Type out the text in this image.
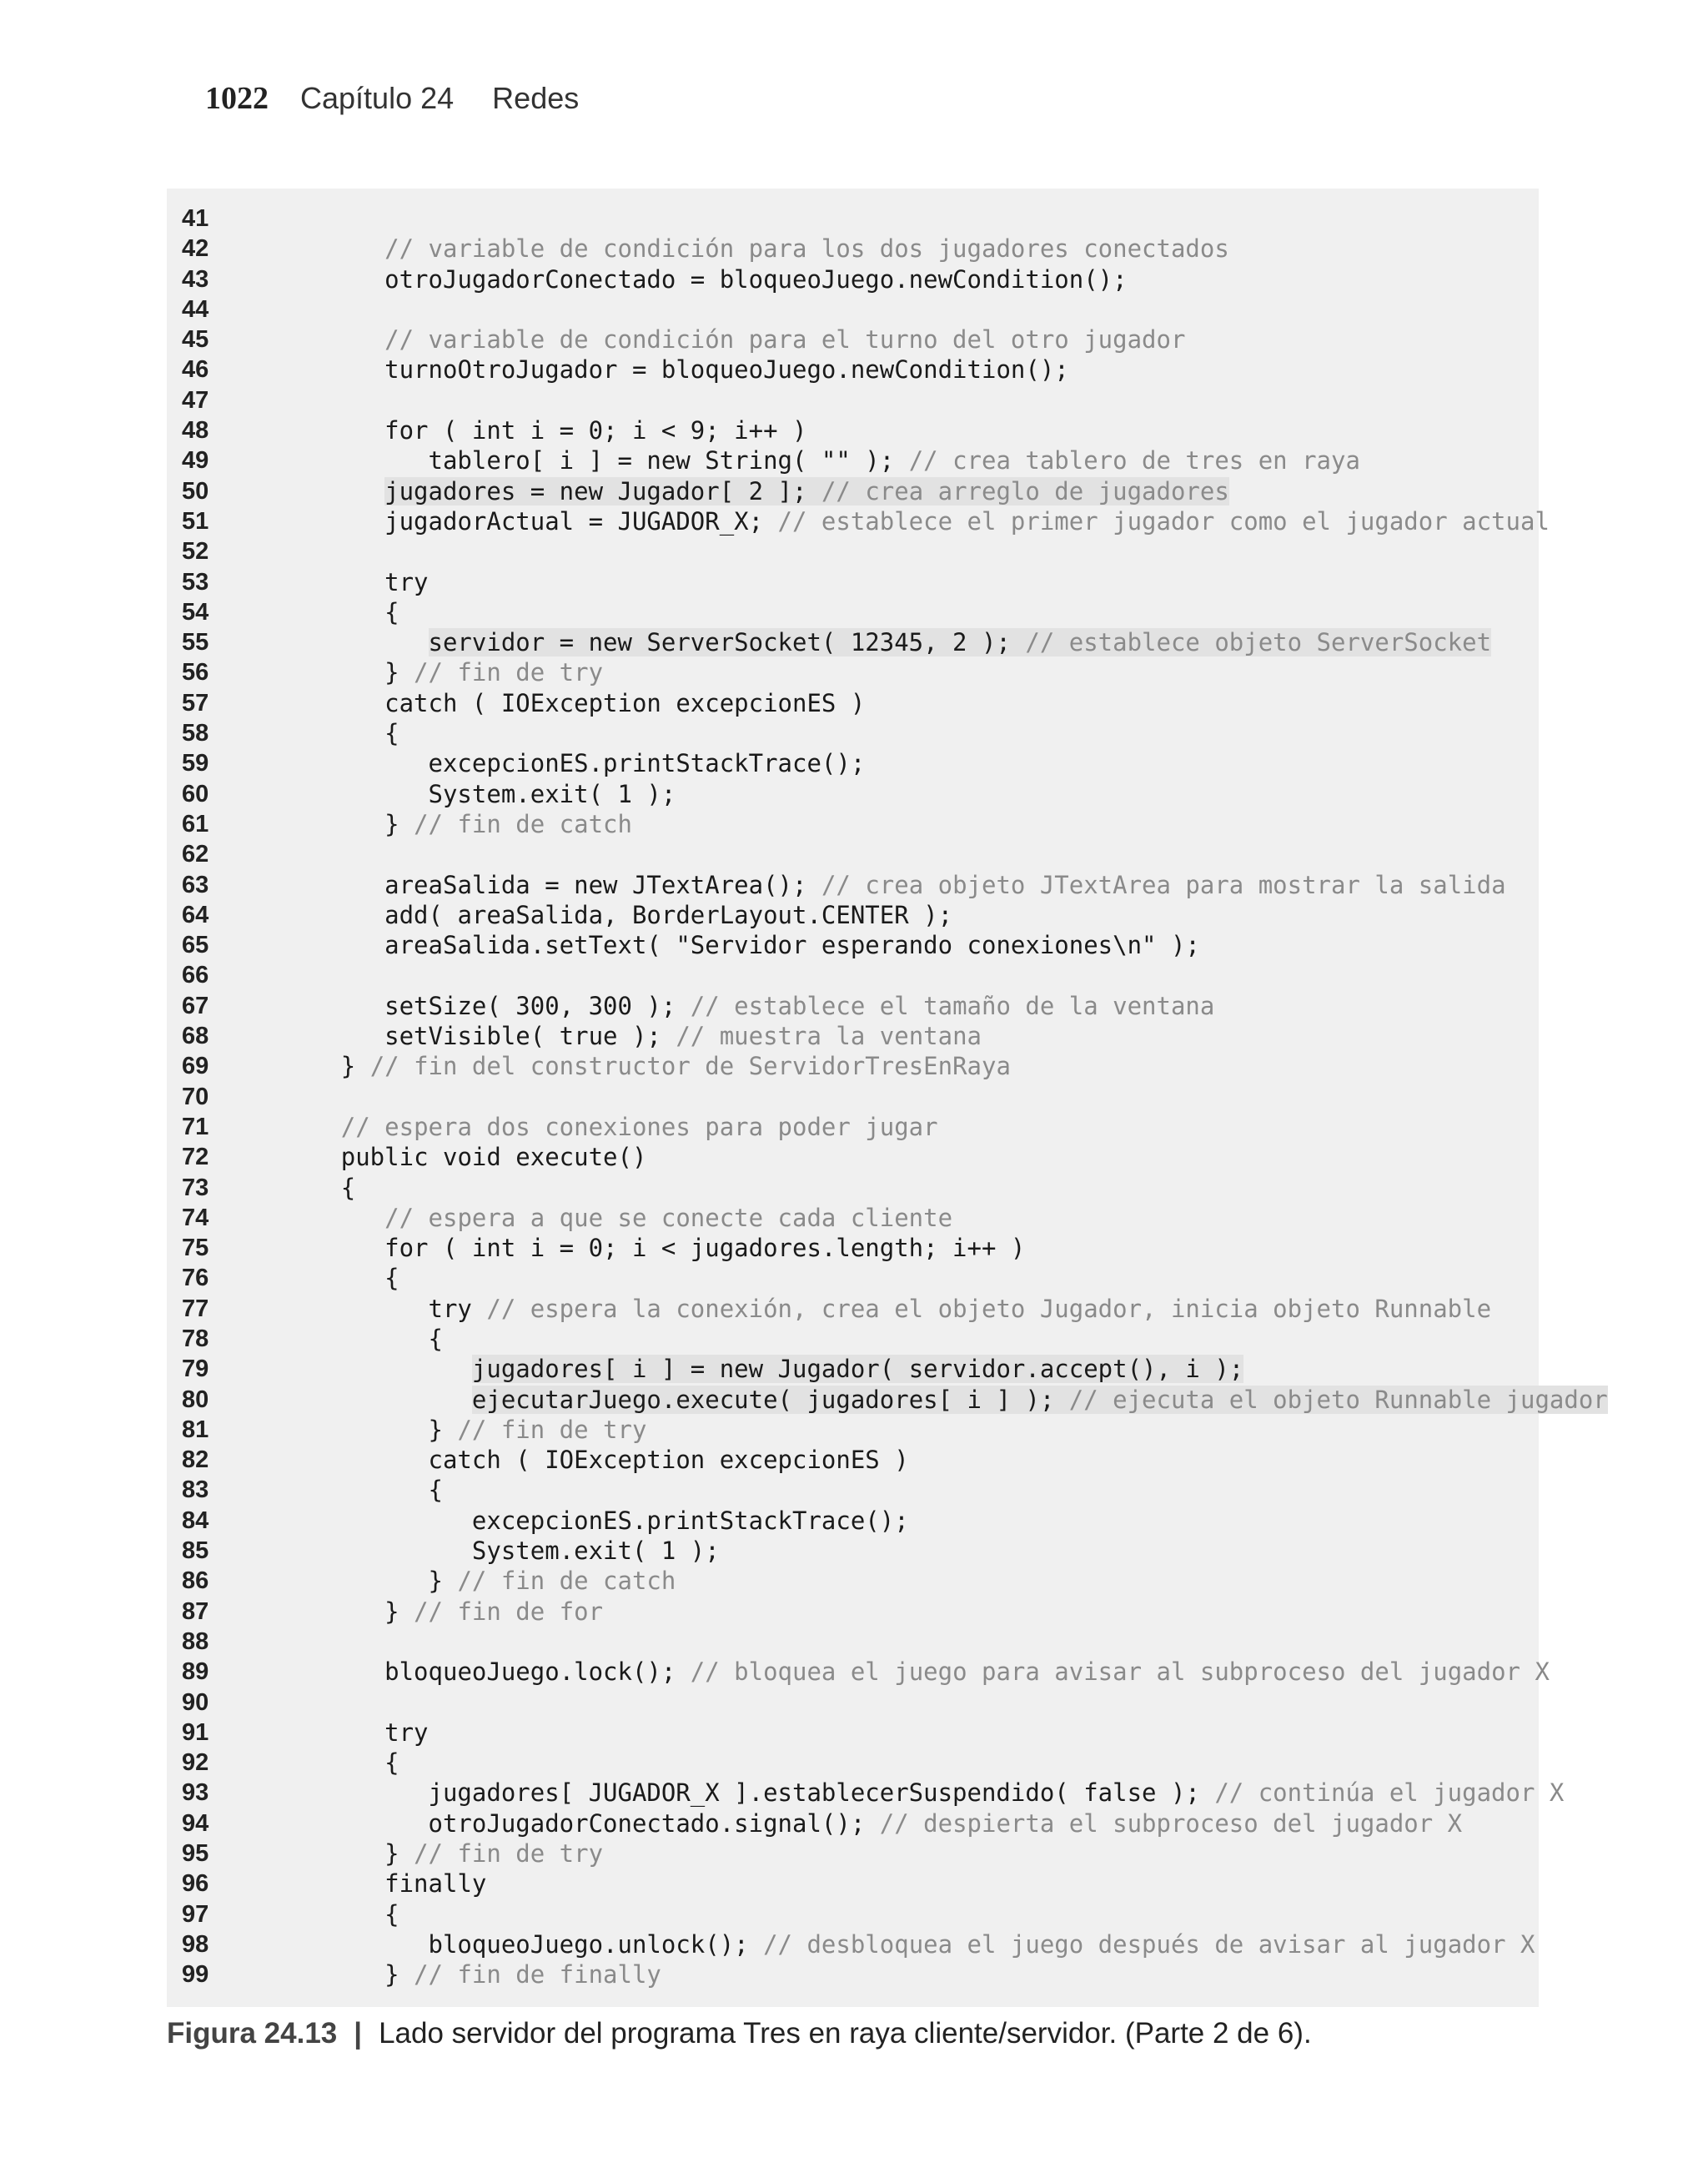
1022 Capítulo 24 Redes
41
42	// variable de condición para los dos jugadores conectados
43	otroJugadorConectado = bloqueoJuego.newCondition();
44
45	// variable de condición para el turno del otro jugador
46	turnoOtroJugador = bloqueoJuego.newCondition();
47
48	for ( int i = 0; i < 9; i++ )
49	tablero[ i ] = new String( "" ); // crea tablero de tres en raya
50	jugadores = new Jugador[ 2 ]; // crea arreglo de jugadores
51	jugadorActual = JUGADOR_X; // establece el primer jugador como el jugador actual
52
53	try
54	{
55	servidor = new ServerSocket( 12345, 2 ); // establece objeto ServerSocket
56	} // fin de try
57	catch ( IOException excepcionES )
58	{
59	excepcionES.printStackTrace();
60	System.exit( 1 );
61	} // fin de catch
62
63	areaSalida = new JTextArea(); // crea objeto JTextArea para mostrar la salida
64	add( areaSalida, BorderLayout.CENTER );
65	areaSalida.setText( "Servidor esperando conexiones\n" );
66
67	setSize( 300, 300 ); // establece el tamaño de la ventana
68	setVisible( true ); // muestra la ventana
69	} // fin del constructor de ServidorTresEnRaya
70
71	// espera dos conexiones para poder jugar
72	public void execute()
73	{
74	// espera a que se conecte cada cliente
75	for ( int i = 0; i < jugadores.length; i++ )
76	{
77	try // espera la conexión, crea el objeto Jugador, inicia objeto Runnable
78	{
79	jugadores[ i ] = new Jugador( servidor.accept(), i );
80	ejecutarJuego.execute( jugadores[ i ] ); // ejecuta el objeto Runnable jugador
81	} // fin de try
82	catch ( IOException excepcionES )
83	{
84	excepcionES.printStackTrace();
85	System.exit( 1 );
86	} // fin de catch
87	} // fin de for
88
89	bloqueoJuego.lock(); // bloquea el juego para avisar al subproceso del jugador X
90
91	try
92	{
93	jugadores[ JUGADOR_X ].establecerSuspendido( false ); // continúa el jugador X
94	otroJugadorConectado.signal(); // despierta el subproceso del jugador X
95	} // fin de try
96	finally
97	{
98	bloqueoJuego.unlock(); // desbloquea el juego después de avisar al jugador X
99	} // fin de finally
Figura 24.13 | Lado servidor del programa Tres en raya cliente/servidor. (Parte 2 de 6).
